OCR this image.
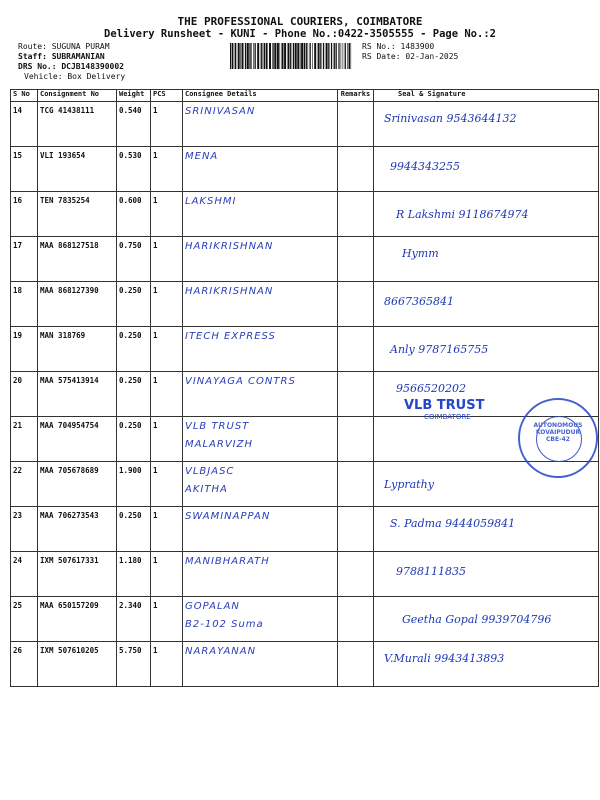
THE PROFESSIONAL COURIERS, COIMBATORE
Delivery Runsheet - KUNI - Phone No.:0422-3505555 - Page No.:2
Route: SUGUNA PURAM
Staff: SUBRAMANIAN
DRS No.: DCJB148390002
Vehicle: Box Delivery
RS No.: 1483900
RS Date: 02-Jan-2025
S No	Consignment No	Weight	PCS	Consignee Details	Remarks	Seal & Signature
14	TCG 41438111	0.540	1	SRINIVASAN		Srinivasan 9543644132

15	VLI 193654	0.530	1	MENA		9944343255

16	TEN 7835254	0.600	1	LAKSHMI		R Lakshmi 9118674974

17	MAA 868127518	0.750	1	HARIKRISHNAN		Hymm

18	MAA 868127390	0.250	1	HARIKRISHNAN		8667365841

19	MAN 318769	0.250	1	ITECH EXPRESS		Anly 9787165755

20	MAA 575413914	0.250	1	VINAYAGA CONTRS		9566520202

21	MAA 704954754	0.250	1	VLB TRUST
MALARVIZH		

22	MAA 705678689	1.900	1	VLBJASC
AKITHA		Lyprathy

23	MAA 706273543	0.250	1	SWAMINAPPAN		S. Padma 9444059841

24	IXM 507617331	1.180	1	MANIBHARATH		9788111835

25	MAA 650157209	2.340	1	GOPALAN
B2-102 Suma		Geetha Gopal 9939704796

26	IXM 507610205	5.750	1	NARAYANAN		V.Murali 9943413893
VLB TRUST
COIMBATORE
AUTONOMOUS
KOVAIPUDUR
CBE-42
